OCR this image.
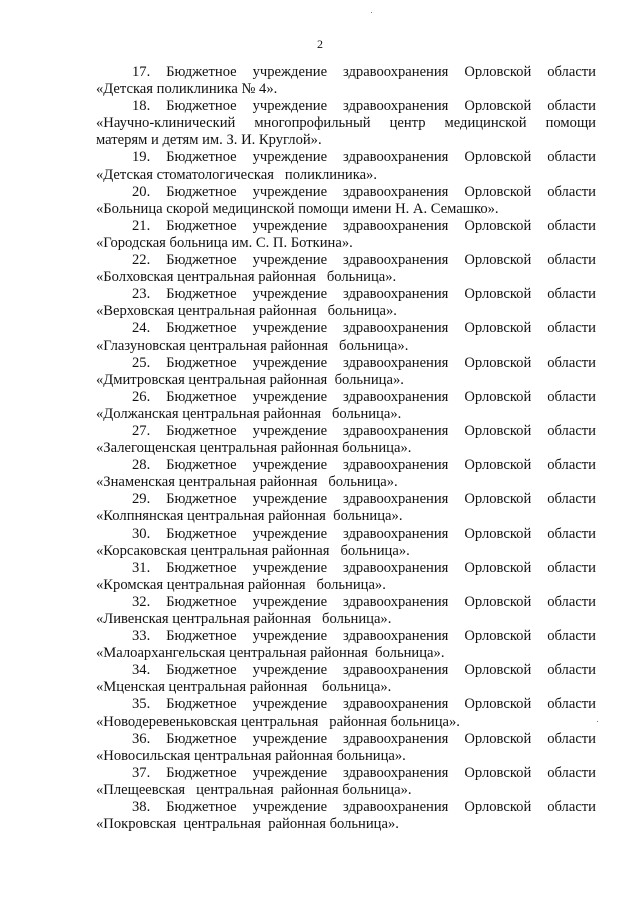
2

17. Бюджетное учреждение здравоохранения Орловской области

«Детская поликлиника № 4».

18. Бюджетное учреждение здравоохранения Орловской области

«Научно-клинический многопрофильный центр медицинской помощи

матерям и детям им. З. И. Круглой».

19. Бюджетное учреждение здравоохранения Орловской области

«Детская стоматологическая   поликлиника».

20. Бюджетное учреждение здравоохранения Орловской области

«Больница скорой медицинской помощи имени Н. А. Семашко».

21. Бюджетное учреждение здравоохранения Орловской области

«Городская больница им. С. П. Боткина».

22. Бюджетное учреждение здравоохранения Орловской области

«Болховская центральная районная   больница».

23. Бюджетное учреждение здравоохранения Орловской области

«Верховская центральная районная   больница».

24. Бюджетное учреждение здравоохранения Орловской области

«Глазуновская центральная районная   больница».

25. Бюджетное учреждение здравоохранения Орловской области

«Дмитровская центральная районная  больница».

26. Бюджетное учреждение здравоохранения Орловской области

«Должанская центральная районная   больница».

27. Бюджетное учреждение здравоохранения Орловской области

«Залегощенская центральная районная больница».

28. Бюджетное учреждение здравоохранения Орловской области

«Знаменская центральная районная   больница».

29. Бюджетное учреждение здравоохранения Орловской области

«Колпнянская центральная районная  больница».

30. Бюджетное учреждение здравоохранения Орловской области

«Корсаковская центральная районная   больница».

31. Бюджетное учреждение здравоохранения Орловской области

«Кромская центральная районная   больница».

32. Бюджетное учреждение здравоохранения Орловской области

«Ливенская центральная районная   больница».

33. Бюджетное учреждение здравоохранения Орловской области

«Малоархангельская центральная районная  больница».

34. Бюджетное учреждение здравоохранения Орловской области

«Мценская центральная районная    больница».

35. Бюджетное учреждение здравоохранения Орловской области

«Новодеревеньковская центральная   районная больница».

36. Бюджетное учреждение здравоохранения Орловской области

«Новосильская центральная районная больница».

37. Бюджетное учреждение здравоохранения Орловской области

«Плещеевская   центральная  районная больница».

38. Бюджетное учреждение здравоохранения Орловской области

«Покровская  центральная  районная больница».
